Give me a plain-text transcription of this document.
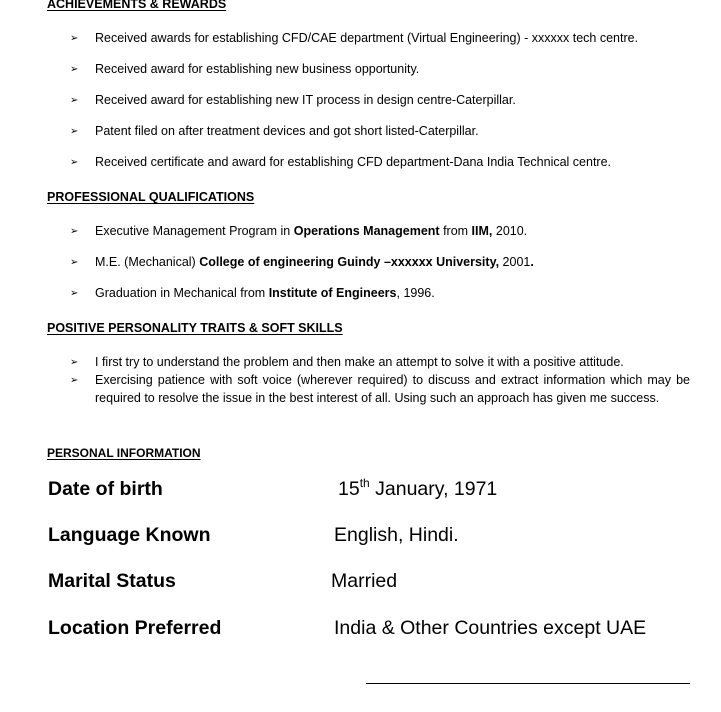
ACHIEVEMENTS & REWARDS
➢ Received awards for establishing CFD/CAE department (Virtual Engineering) - xxxxxx tech centre.
➢ Received award for establishing new business opportunity.
➢ Received award for establishing new IT process in design centre-Caterpillar.
➢ Patent filed on after treatment devices and got short listed-Caterpillar.
➢ Received certificate and award for establishing CFD department-Dana India Technical centre.
PROFESSIONAL QUALIFICATIONS
➢ Executive Management Program in Operations Management from IIM, 2010.
➢ M.E. (Mechanical) College of engineering Guindy –xxxxxx University, 2001.
➢ Graduation in Mechanical from Institute of Engineers, 1996.
POSITIVE PERSONALITY TRAITS & SOFT SKILLS
➢ I first try to understand the problem and then make an attempt to solve it with a positive attitude.
➢ Exercising patience with soft voice (wherever required) to discuss and extract information which may be required to resolve the issue in the best interest of all. Using such an approach has given me success.
PERSONAL INFORMATION
Date of birth	15th January, 1971
Language Known	English, Hindi.
Marital Status	Married
Location Preferred	India & Other Countries except UAE
